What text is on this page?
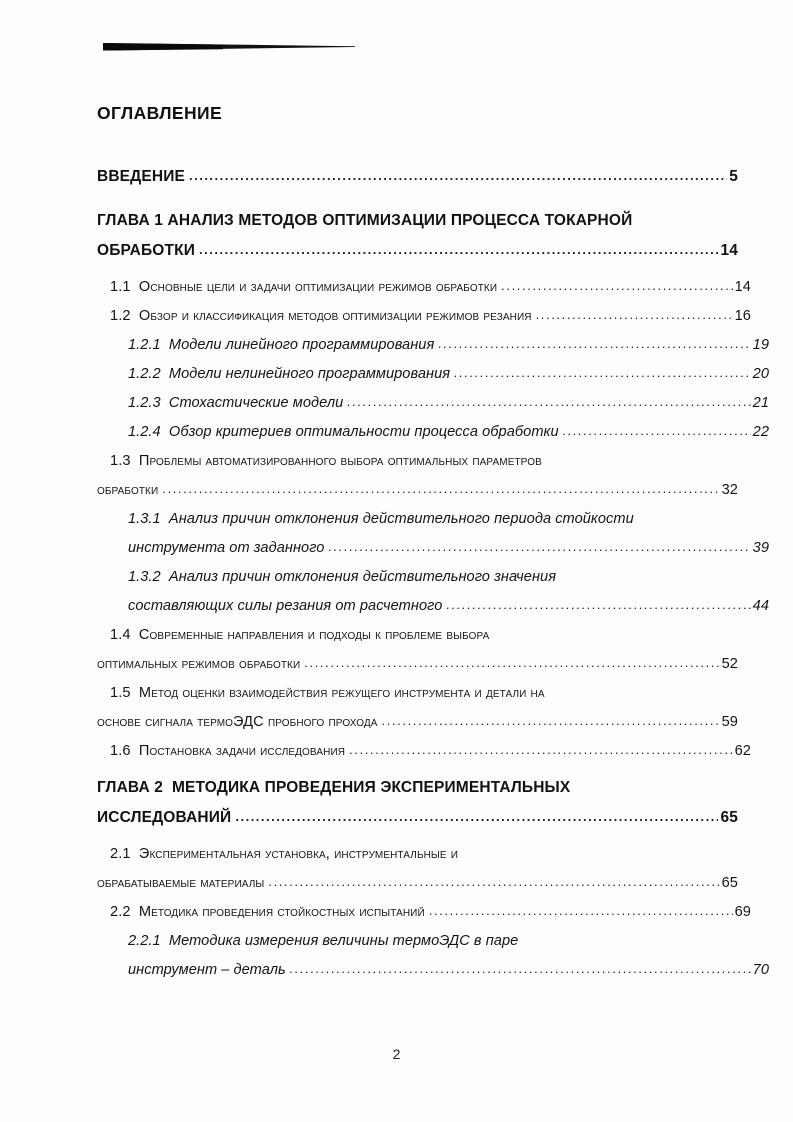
ОГЛАВЛЕНИЕ
ВВЕДЕНИЕ .....	5
ГЛАВА 1 АНАЛИЗ МЕТОДОВ ОПТИМИЗАЦИИ ПРОЦЕССА ТОКАРНОЙ
ОБРАБОТКИ .....	14
1.1 Основные цели и задачи оптимизации режимов обработки .....	14
1.2 Обзор и классификация методов оптимизации режимов резания .....	16
1.2.1 Модели линейного программирования .....	19
1.2.2 Модели нелинейного программирования .....	20
1.2.3 Стохастические модели .....	21
1.2.4 Обзор критериев оптимальности процесса обработки .....	22
1.3 Проблемы автоматизированного выбора оптимальных параметров
обработки .....	32
1.3.1 Анализ причин отклонения действительного периода стойкости
инструмента от заданного .....	39
1.3.2 Анализ причин отклонения действительного значения
составляющих силы резания от расчетного .....	44
1.4 Современные направления и подходы к проблеме выбора
оптимальных режимов обработки .....	52
1.5 Метод оценки взаимодействия режущего инструмента и детали на
основе сигнала термоЭДС пробного прохода .....	59
1.6 Постановка задачи исследования .....	62
ГЛАВА 2  МЕТОДИКА ПРОВЕДЕНИЯ ЭКСПЕРИМЕНТАЛЬНЫХ
ИССЛЕДОВАНИЙ .....	65
2.1 Экспериментальная установка, инструментальные и
обрабатываемые материалы .....	65
2.2 Методика проведения стойкостных испытаний .....	69
2.2.1 Методика измерения величины термоЭДС в паре
инструмент – деталь .....	70
2
